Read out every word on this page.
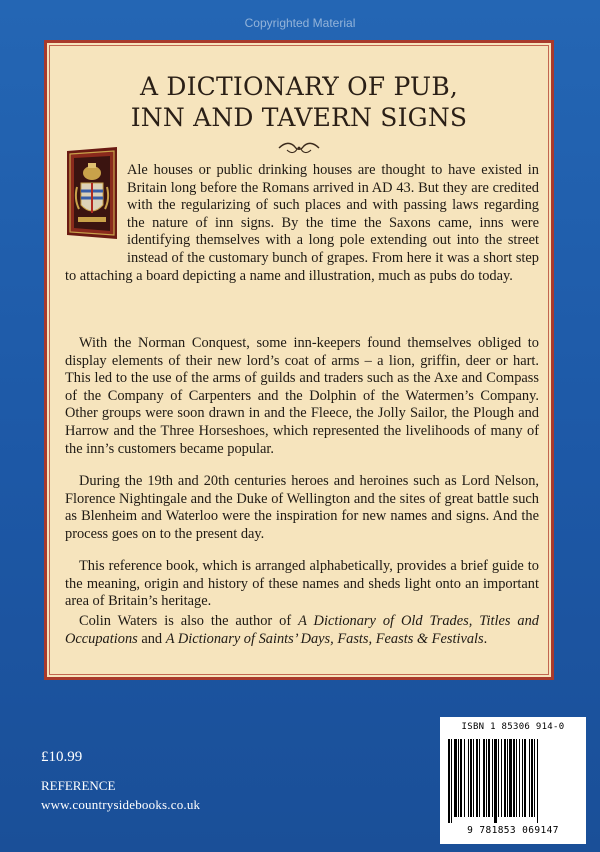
Copyrighted Material
A DICTIONARY OF PUB,
INN AND TAVERN SIGNS

Ale houses or public drinking houses are thought to have existed in Britain long before the Romans arrived in AD 43. But they are credited with the regularizing of such places and with passing laws regarding the nature of inn signs. By the time the Saxons came, inns were identifying themselves with a long pole extending out into the street instead of the customary bunch of grapes. From here it was a short step to attaching a board depicting a name and illustration, much as pubs do today.

With the Norman Conquest, some inn-keepers found themselves obliged to display elements of their new lord’s coat of arms – a lion, griffin, deer or hart. This led to the use of the arms of guilds and traders such as the Axe and Compass of the Company of Carpenters and the Dolphin of the Watermen’s Company. Other groups were soon drawn in and the Fleece, the Jolly Sailor, the Plough and Harrow and the Three Horseshoes, which represented the livelihoods of many of the inn’s customers became popular.

During the 19th and 20th centuries heroes and heroines such as Lord Nelson, Florence Nightingale and the Duke of Wellington and the sites of great battle such as Blenheim and Waterloo were the inspiration for new names and signs. And the process goes on to the present day.

This reference book, which is arranged alphabetically, provides a brief guide to the meaning, origin and history of these names and sheds light onto an important area of Britain’s heritage.

Colin Waters is also the author of A Dictionary of Old Trades, Titles and Occupations and A Dictionary of Saints’ Days, Fasts, Feasts & Festivals.

£10.99
REFERENCE
www.countrysidebooks.co.uk
ISBN 1 85306 914-0
9 781853 069147
